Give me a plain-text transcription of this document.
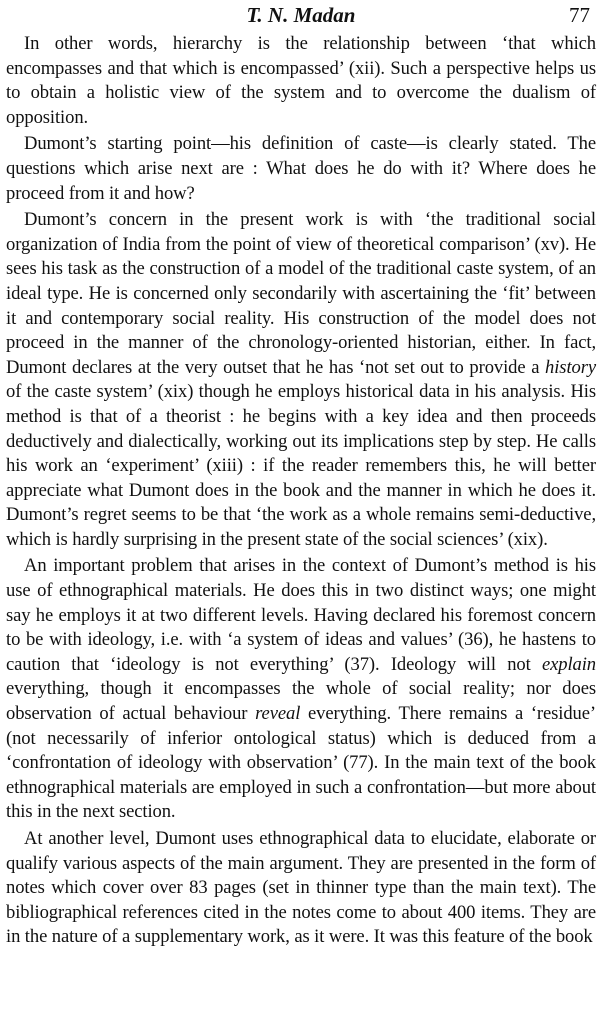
T. N. Madan	77

In other words, hierarchy is the relationship between ‘that which encompasses and that which is encompassed’ (xii). Such a perspective helps us to obtain a holistic view of the system and to overcome the dualism of opposition.

Dumont’s starting point—his definition of caste—is clearly stated. The questions which arise next are : What does he do with it? Where does he proceed from it and how?

Dumont’s concern in the present work is with ‘the traditional social organization of India from the point of view of theoretical comparison’ (xv). He sees his task as the construction of a model of the traditional caste system, of an ideal type. He is concerned only secondarily with ascertaining the ‘fit’ between it and contemporary social reality. His construction of the model does not proceed in the manner of the chronology-oriented historian, either. In fact, Dumont declares at the very outset that he has ‘not set out to provide a history of the caste system’ (xix) though he employs historical data in his analysis. His method is that of a theorist : he begins with a key idea and then proceeds deductively and dialectically, working out its implications step by step. He calls his work an ‘experiment’ (xiii) : if the reader remembers this, he will better appreciate what Dumont does in the book and the manner in which he does it. Dumont’s regret seems to be that ‘the work as a whole remains semi-deductive, which is hardly surprising in the present state of the social sciences’ (xix).

An important problem that arises in the context of Dumont’s method is his use of ethnographical materials. He does this in two distinct ways; one might say he employs it at two different levels. Having declared his foremost concern to be with ideology, i.e. with ‘a system of ideas and values’ (36), he hastens to caution that ‘ideology is not everything’ (37). Ideology will not explain everything, though it encompasses the whole of social reality; nor does observation of actual behaviour reveal everything. There remains a ‘residue’ (not necessarily of inferior ontological status) which is deduced from a ‘confrontation of ideology with observation’ (77). In the main text of the book ethnographical materials are employed in such a confrontation—but more about this in the next section.

At another level, Dumont uses ethnographical data to elucidate, elaborate or qualify various aspects of the main argument. They are presented in the form of notes which cover over 83 pages (set in thinner type than the main text). The bibliographical references cited in the notes come to about 400 items. They are in the nature of a supplementary work, as it were. It was this feature of the book
